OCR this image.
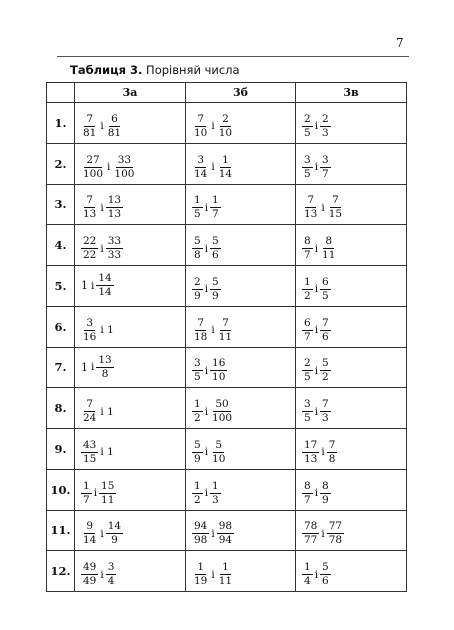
7
Таблиця 3. Порівняй числа
	3а	3б	3в
1.	$\frac{7}{81}$ і $\frac{6}{81}$	$\frac{7}{10}$ і $\frac{2}{10}$	$\frac{2}{5}$ і $\frac{2}{3}$

2.	$\frac{27}{100}$ і $\frac{33}{100}$	$\frac{3}{14}$ і $\frac{1}{14}$	$\frac{3}{5}$ і $\frac{3}{7}$

3.	$\frac{7}{13}$ і $\frac{13}{13}$	$\frac{1}{5}$ і $\frac{1}{7}$	$\frac{7}{13}$ і $\frac{7}{15}$

4.	$\frac{22}{22}$ і $\frac{33}{33}$	$\frac{5}{8}$ і $\frac{5}{6}$	$\frac{8}{7}$ і $\frac{8}{11}$

5.	1 і $\frac{14}{14}$	$\frac{2}{9}$ і $\frac{5}{9}$	$\frac{1}{2}$ і $\frac{6}{5}$

6.	$\frac{3}{16}$ і 1	$\frac{7}{18}$ і $\frac{7}{11}$	$\frac{6}{7}$ і $\frac{7}{6}$

7.	1 і $\frac{13}{8}$	$\frac{3}{5}$ і $\frac{16}{10}$	$\frac{2}{5}$ і $\frac{5}{2}$

8.	$\frac{7}{24}$ і 1	$\frac{1}{2}$ і $\frac{50}{100}$	$\frac{3}{5}$ і $\frac{7}{3}$

9.	$\frac{43}{15}$ і 1	$\frac{5}{9}$ і $\frac{5}{10}$	$\frac{17}{13}$ і $\frac{7}{8}$

10.	$\frac{1}{7}$ і $\frac{15}{11}$	$\frac{1}{2}$ і $\frac{1}{3}$	$\frac{8}{7}$ і $\frac{8}{9}$

11.	$\frac{9}{14}$ і $\frac{14}{9}$	$\frac{94}{98}$ і $\frac{98}{94}$	$\frac{78}{77}$ і $\frac{77}{78}$

12.	$\frac{49}{49}$ і $\frac{3}{4}$	$\frac{1}{19}$ і $\frac{1}{11}$	$\frac{1}{4}$ і $\frac{5}{6}$
